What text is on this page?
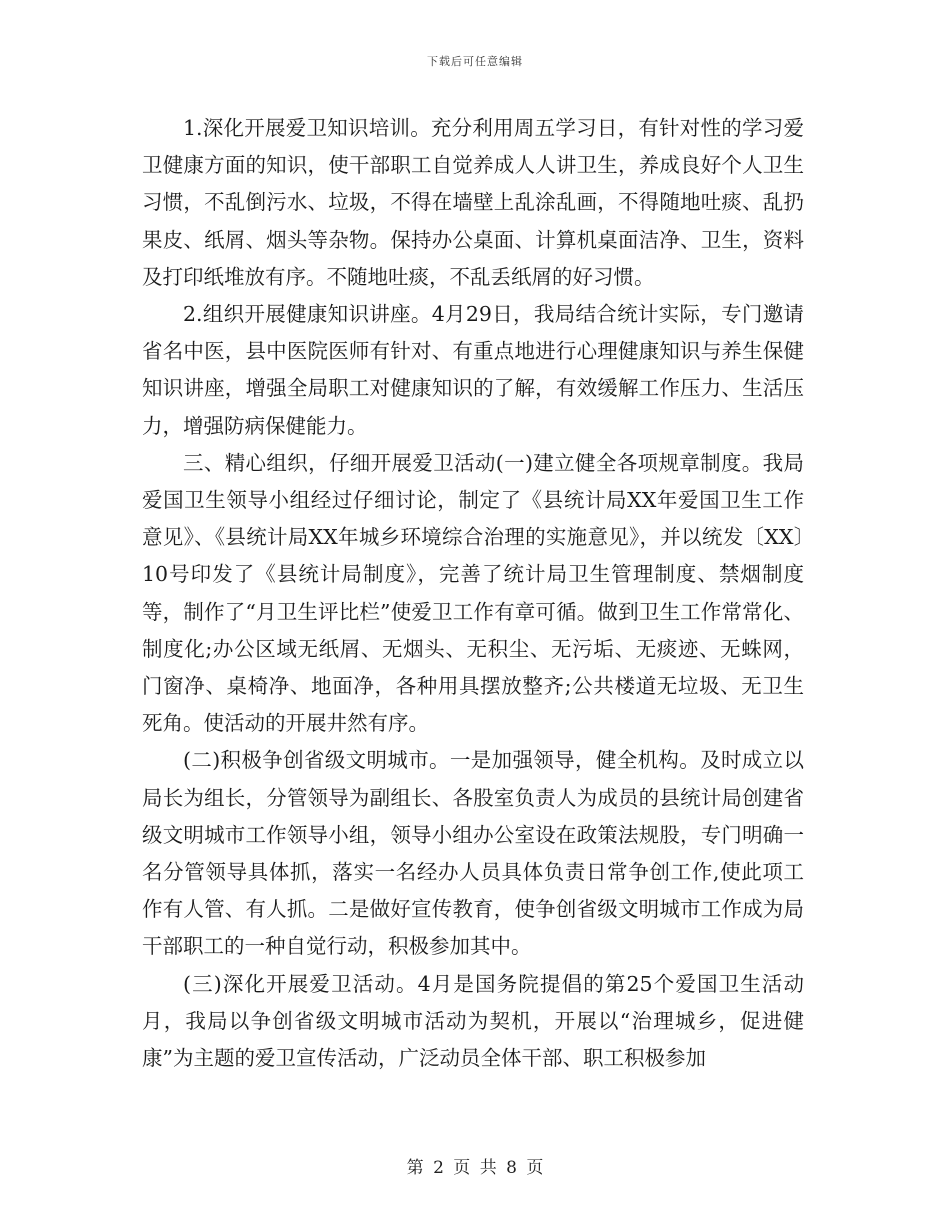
下载后可任意编辑

1.深化开展爱卫知识培训。充分利用周五学习日，有针对性的学习爱卫健康方面的知识，使干部职工自觉养成人人讲卫生，养成良好个人卫生习惯，不乱倒污水、垃圾，不得在墙壁上乱涂乱画，不得随地吐痰、乱扔果皮、纸屑、烟头等杂物。保持办公桌面、计算机桌面洁净、卫生，资料及打印纸堆放有序。不随地吐痰，不乱丢纸屑的好习惯。

2.组织开展健康知识讲座。4月29日，我局结合统计实际，专门邀请省名中医，县中医院医师有针对、有重点地进行心理健康知识与养生保健知识讲座，增强全局职工对健康知识的了解，有效缓解工作压力、生活压力，增强防病保健能力。

三、精心组织，仔细开展爱卫活动(一)建立健全各项规章制度。我局爱国卫生领导小组经过仔细讨论，制定了《县统计局XX年爱国卫生工作意见》、《县统计局XX年城乡环境综合治理的实施意见》，并以统发〔XX〕10号印发了《县统计局制度》，完善了统计局卫生管理制度、禁烟制度等，制作了“月卫生评比栏”使爱卫工作有章可循。做到卫生工作常常化、制度化;办公区域无纸屑、无烟头、无积尘、无污垢、无痰迹、无蛛网，门窗净、桌椅净、地面净，各种用具摆放整齐;公共楼道无垃圾、无卫生死角。使活动的开展井然有序。

(二)积极争创省级文明城市。一是加强领导，健全机构。及时成立以局长为组长，分管领导为副组长、各股室负责人为成员的县统计局创建省级文明城市工作领导小组，领导小组办公室设在政策法规股，专门明确一名分管领导具体抓，落实一名经办人员具体负责日常争创工作,使此项工作有人管、有人抓。二是做好宣传教育，使争创省级文明城市工作成为局干部职工的一种自觉行动，积极参加其中。

(三)深化开展爱卫活动。4月是国务院提倡的第25个爱国卫生活动月，我局以争创省级文明城市活动为契机，开展以“治理城乡，促进健康”为主题的爱卫宣传活动，广泛动员全体干部、职工积极参加

第 2 页 共 8 页
